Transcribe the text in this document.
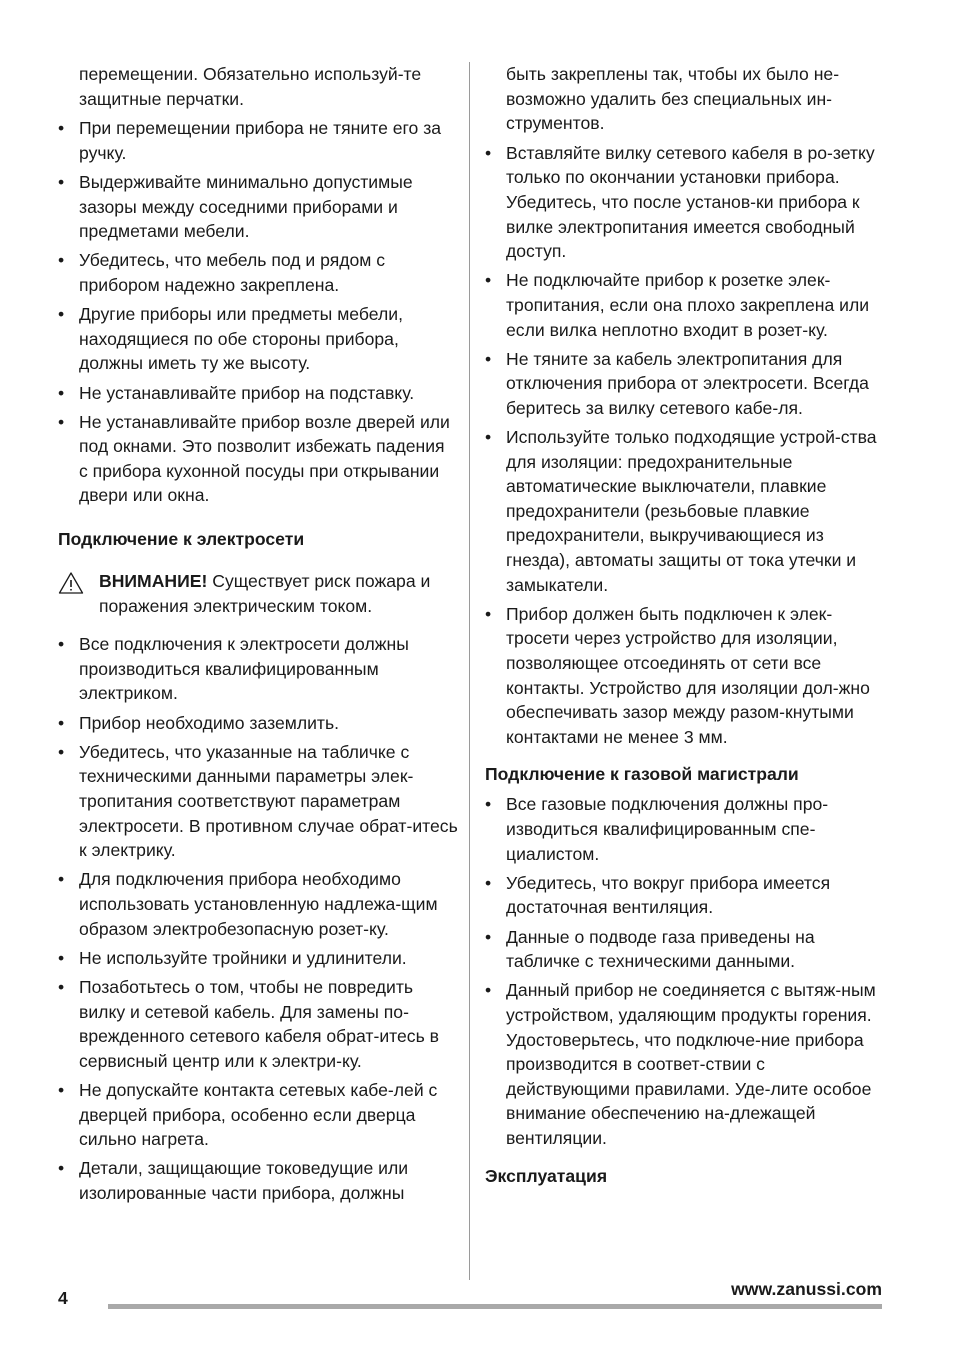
перемещении. Обязательно используй-те защитные перчатки.

• При перемещении прибора не тяните его за ручку.
• Выдерживайте минимально допустимые зазоры между соседними приборами и предметами мебели.
• Убедитесь, что мебель под и рядом с прибором надежно закреплена.
• Другие приборы или предметы мебели, находящиеся по обе стороны прибора, должны иметь ту же высоту.
• Не устанавливайте прибор на подставку.
• Не устанавливайте прибор возле дверей или под окнами. Это позволит избежать падения с прибора кухонной посуды при открывании двери или окна.
Подключение к электросети
ВНИМАНИЕ! Существует риск пожара и поражения электрическим током.
• Все подключения к электросети должны производиться квалифицированным электриком.
• Прибор необходимо заземлить.
• Убедитесь, что указанные на табличке с техническими данными параметры элек-тропитания соответствуют параметрам электросети. В противном случае обрат-итесь к электрику.
• Для подключения прибора необходимо использовать установленную надлежа-щим образом электробезопасную розет-ку.
• Не используйте тройники и удлинители.
• Позаботьтесь о том, чтобы не повредить вилку и сетевой кабель. Для замены по-врежденного сетевого кабеля обрат-итесь в сервисный центр или к электри-ку.
• Не допускайте контакта сетевых кабе-лей с дверцей прибора, особенно если дверца сильно нагрета.
• Детали, защищающие токоведущие или изолированные части прибора, должны

быть закреплены так, чтобы их было не-возможно удалить без специальных ин-струментов.

• Вставляйте вилку сетевого кабеля в ро-зетку только по окончании установки прибора. Убедитесь, что после установ-ки прибора к вилке электропитания имеется свободный доступ.
• Не подключайте прибор к розетке элек-тропитания, если она плохо закреплена или если вилка неплотно входит в розет-ку.
• Не тяните за кабель электропитания для отключения прибора от электросети. Всегда беритесь за вилку сетевого кабе-ля.
• Используйте только подходящие устрой-ства для изоляции: предохранительные автоматические выключатели, плавкие предохранители (резьбовые плавкие предохранители, выкручивающиеся из гнезда), автоматы защиты от тока утечки и замыкатели.
• Прибор должен быть подключен к элек-тросети через устройство для изоляции, позволяющее отсоединять от сети все контакты. Устройство для изоляции дол-жно обеспечивать зазор между разом-кнутыми контактами не менее 3 мм.
Подключение к газовой магистрали
• Все газовые подключения должны про-изводиться квалифицированным спе-циалистом.
• Убедитесь, что вокруг прибора имеется достаточная вентиляция.
• Данные о подводе газа приведены на табличке с техническими данными.
• Данный прибор не соединяется с вытяж-ным устройством, удаляющим продукты горения. Удостоверьтесь, что подключе-ние прибора производится в соответ-ствии с действующими правилами. Уде-лите особое внимание обеспечению на-длежащей вентиляции.
Эксплуатация
4	www.zanussi.com
